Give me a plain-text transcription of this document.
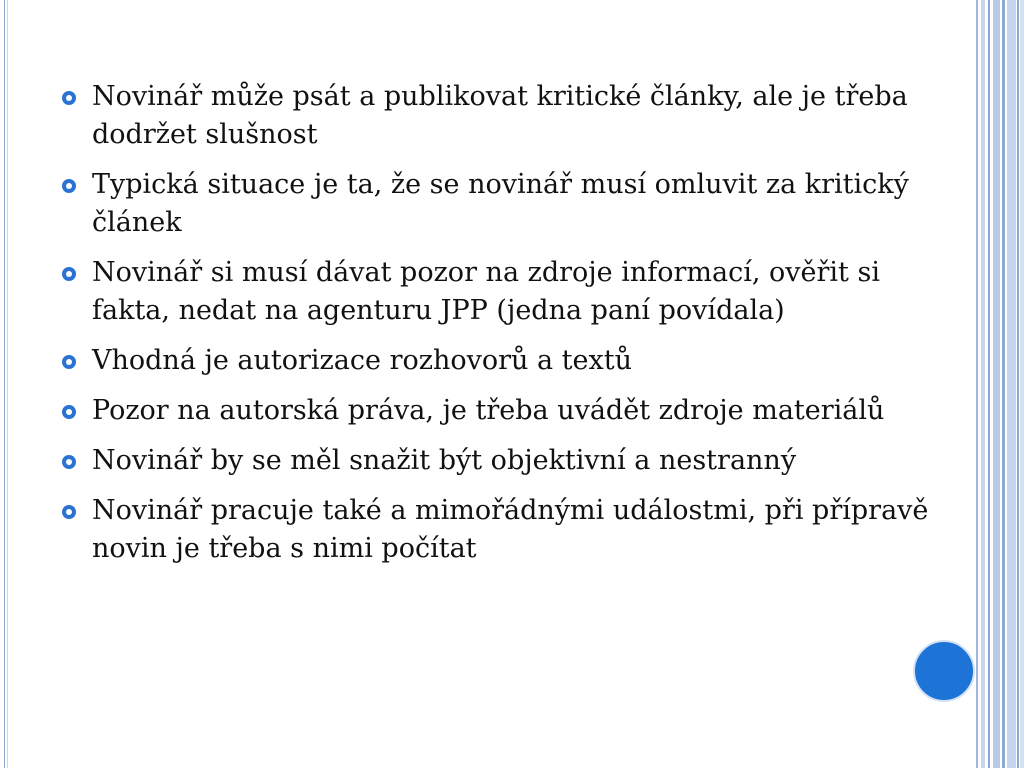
Novinář může psát a publikovat kritické články, ale je třeba dodržet slušnost
Typická situace je ta, že se novinář musí omluvit za kritický článek
Novinář si musí dávat pozor na zdroje informací, ověřit si fakta, nedat na agenturu JPP (jedna paní povídala)
Vhodná je autorizace rozhovorů a textů
Pozor na autorská práva, je třeba uvádět zdroje materiálů
Novinář by se měl snažit být objektivní a nestranný
Novinář pracuje také a mimořádnými událostmi, při přípravě novin je třeba s nimi počítat
